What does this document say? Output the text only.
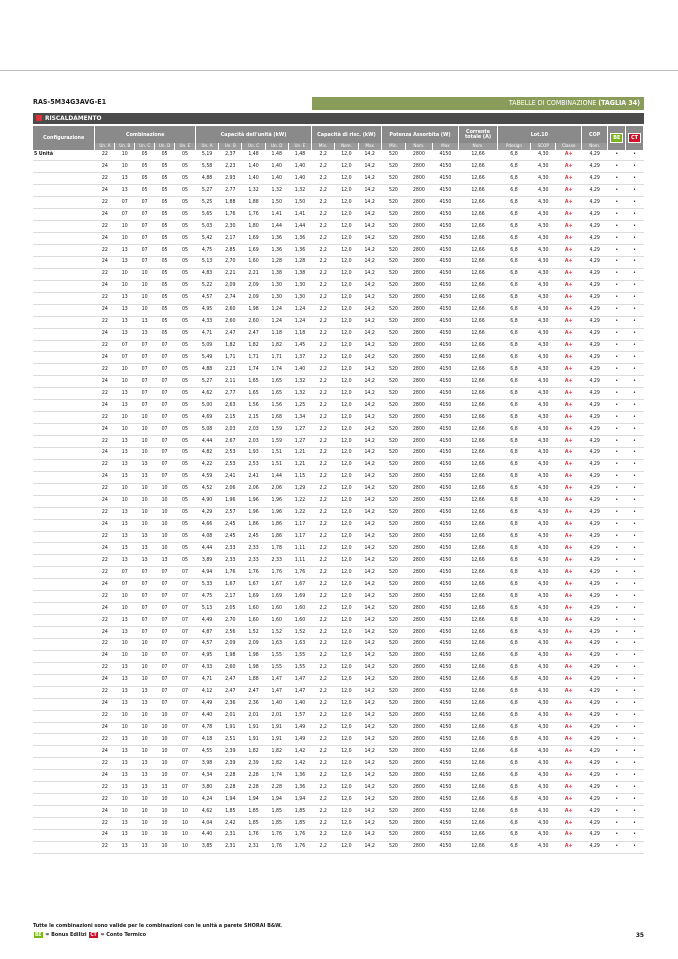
RAS-5M34G3AVG-E1	TABELLE DI COMBINAZIONE (TAGLIA 34)
RISCALDAMENTO
Configurazione	Combinazione					Capacità dell'unità (kW)					Capacità di risc. (kW)			Potenza Assorbita (W)			Corrente totale (A)	Lot.10			COP	BE	CT
	Un. A	Un. B	Un. C	Un. D	Un. E	Un. A	Un. B	Un. C	Un. D	Un. E	Min.	Nom.	Max	Min.	Nom.	Max	Nom.	Pdesign	SCOP	Classe	Nom.		
5 Unità	22	10	05	05	05	5,19	2,37	1,48	1,48	1,48	2,2	12,0	14,2	520	2800	4150	12,66	6,8	4,30	A+	4,29	•	•
	24	10	05	05	05	5,58	2,23	1,40	1,40	1,40	2,2	12,0	14,2	520	2800	4150	12,66	6,8	4,30	A+	4,29	•	•
	22	13	05	05	05	4,88	2,93	1,40	1,40	1,40	2,2	12,0	14,2	520	2800	4150	12,66	6,8	4,30	A+	4,29	•	•
	24	13	05	05	05	5,27	2,77	1,32	1,32	1,32	2,2	12,0	14,2	520	2800	4150	12,66	6,8	4,30	A+	4,29	•	•
	22	07	07	05	05	5,25	1,88	1,88	1,50	1,50	2,2	12,0	14,2	520	2800	4150	12,66	6,8	4,30	A+	4,29	•	•
	24	07	07	05	05	5,65	1,76	1,76	1,41	1,41	2,2	12,0	14,2	520	2800	4150	12,66	6,8	4,30	A+	4,29	•	•
	22	10	07	05	05	5,03	2,30	1,80	1,44	1,44	2,2	12,0	14,2	520	2800	4150	12,66	6,8	4,30	A+	4,29	•	•
	24	10	07	05	05	5,42	2,17	1,69	1,36	1,36	2,2	12,0	14,2	520	2800	4150	12,66	6,8	4,30	A+	4,29	•	•
	22	13	07	05	05	4,75	2,85	1,69	1,36	1,36	2,2	12,0	14,2	520	2800	4150	12,66	6,8	4,30	A+	4,29	•	•
	24	13	07	05	05	5,13	2,70	1,60	1,28	1,28	2,2	12,0	14,2	520	2800	4150	12,66	6,8	4,30	A+	4,29	•	•
	22	10	10	05	05	4,83	2,21	2,21	1,38	1,38	2,2	12,0	14,2	520	2800	4150	12,66	6,8	4,30	A+	4,29	•	•
	24	10	10	05	05	5,22	2,09	2,09	1,30	1,30	2,2	12,0	14,2	520	2800	4150	12,66	6,8	4,30	A+	4,29	•	•
	22	13	10	05	05	4,57	2,74	2,09	1,30	1,30	2,2	12,0	14,2	520	2800	4150	12,66	6,8	4,30	A+	4,29	•	•
	24	13	10	05	05	4,95	2,60	1,98	1,24	1,24	2,2	12,0	14,2	520	2800	4150	12,66	6,8	4,30	A+	4,29	•	•
	22	13	13	05	05	4,33	2,60	2,60	1,24	1,24	2,2	12,0	14,2	520	2800	4150	12,66	6,8	4,30	A+	4,29	•	•
	24	13	13	05	05	4,71	2,47	2,47	1,18	1,18	2,2	12,0	14,2	520	2800	4150	12,66	6,8	4,30	A+	4,29	•	•
	22	07	07	07	05	5,09	1,82	1,82	1,82	1,45	2,2	12,0	14,2	520	2800	4150	12,66	6,8	4,30	A+	4,29	•	•
	24	07	07	07	05	5,49	1,71	1,71	1,71	1,37	2,2	12,0	14,2	520	2800	4150	12,66	6,8	4,30	A+	4,29	•	•
	22	10	07	07	05	4,88	2,23	1,74	1,74	1,40	2,2	12,0	14,2	520	2800	4150	12,66	6,8	4,30	A+	4,29	•	•
	24	10	07	07	05	5,27	2,11	1,65	1,65	1,32	2,2	12,0	14,2	520	2800	4150	12,66	6,8	4,30	A+	4,29	•	•
	22	13	07	07	05	4,62	2,77	1,65	1,65	1,32	2,2	12,0	14,2	520	2800	4150	12,66	6,8	4,30	A+	4,29	•	•
	24	13	07	07	05	5,00	2,63	1,56	1,56	1,25	2,2	12,0	14,2	520	2800	4150	12,66	6,8	4,30	A+	4,29	•	•
	22	10	10	07	05	4,69	2,15	2,15	1,68	1,34	2,2	12,0	14,2	520	2800	4150	12,66	6,8	4,30	A+	4,29	•	•
	24	10	10	07	05	5,08	2,03	2,03	1,59	1,27	2,2	12,0	14,2	520	2800	4150	12,66	6,8	4,30	A+	4,29	•	•
	22	13	10	07	05	4,44	2,67	2,03	1,59	1,27	2,2	12,0	14,2	520	2800	4150	12,66	6,8	4,30	A+	4,29	•	•
	24	13	10	07	05	4,82	2,53	1,93	1,51	1,21	2,2	12,0	14,2	520	2800	4150	12,66	6,8	4,30	A+	4,29	•	•
	22	13	13	07	05	4,22	2,53	2,53	1,51	1,21	2,2	12,0	14,2	520	2800	4150	12,66	6,8	4,30	A+	4,29	•	•
	24	13	13	07	05	4,59	2,41	2,41	1,44	1,15	2,2	12,0	14,2	520	2800	4150	12,66	6,8	4,30	A+	4,29	•	•
	22	10	10	10	05	4,52	2,06	2,06	2,06	1,29	2,2	12,0	14,2	520	2800	4150	12,66	6,8	4,30	A+	4,29	•	•
	24	10	10	10	05	4,90	1,96	1,96	1,96	1,22	2,2	12,0	14,2	520	2800	4150	12,66	6,8	4,30	A+	4,29	•	•
	22	13	10	10	05	4,29	2,57	1,96	1,96	1,22	2,2	12,0	14,2	520	2800	4150	12,66	6,8	4,30	A+	4,29	•	•
	24	13	10	10	05	4,66	2,45	1,86	1,86	1,17	2,2	12,0	14,2	520	2800	4150	12,66	6,8	4,30	A+	4,29	•	•
	22	13	13	10	05	4,08	2,45	2,45	1,86	1,17	2,2	12,0	14,2	520	2800	4150	12,66	6,8	4,30	A+	4,29	•	•
	24	13	13	10	05	4,44	2,33	2,33	1,78	1,11	2,2	12,0	14,2	520	2800	4150	12,66	6,8	4,30	A+	4,29	•	•
	22	13	13	13	05	3,89	2,33	2,33	2,33	1,11	2,2	12,0	14,2	520	2800	4150	12,66	6,8	4,30	A+	4,29	•	•
	22	07	07	07	07	4,94	1,76	1,76	1,76	1,76	2,2	12,0	14,2	520	2800	4150	12,66	6,8	4,30	A+	4,29	•	•
	24	07	07	07	07	5,33	1,67	1,67	1,67	1,67	2,2	12,0	14,2	520	2800	4150	12,66	6,8	4,30	A+	4,29	•	•
	22	10	07	07	07	4,75	2,17	1,69	1,69	1,69	2,2	12,0	14,2	520	2800	4150	12,66	6,8	4,30	A+	4,29	•	•
	24	10	07	07	07	5,13	2,05	1,60	1,60	1,60	2,2	12,0	14,2	520	2800	4150	12,66	6,8	4,30	A+	4,29	•	•
	22	13	07	07	07	4,49	2,70	1,60	1,60	1,60	2,2	12,0	14,2	520	2800	4150	12,66	6,8	4,30	A+	4,29	•	•
	24	13	07	07	07	4,87	2,56	1,52	1,52	1,52	2,2	12,0	14,2	520	2800	4150	12,66	6,8	4,30	A+	4,29	•	•
	22	10	10	07	07	4,57	2,09	2,09	1,63	1,63	2,2	12,0	14,2	520	2800	4150	12,66	6,8	4,30	A+	4,29	•	•
	24	10	10	07	07	4,95	1,98	1,98	1,55	1,55	2,2	12,0	14,2	520	2800	4150	12,66	6,8	4,30	A+	4,29	•	•
	22	13	10	07	07	4,33	2,60	1,98	1,55	1,55	2,2	12,0	14,2	520	2800	4150	12,66	6,8	4,30	A+	4,29	•	•
	24	13	10	07	07	4,71	2,47	1,88	1,47	1,47	2,2	12,0	14,2	520	2800	4150	12,66	6,8	4,30	A+	4,29	•	•
	22	13	13	07	07	4,12	2,47	2,47	1,47	1,47	2,2	12,0	14,2	520	2800	4150	12,66	6,8	4,30	A+	4,29	•	•
	24	13	13	07	07	4,49	2,36	2,36	1,40	1,40	2,2	12,0	14,2	520	2800	4150	12,66	6,8	4,30	A+	4,29	•	•
	22	10	10	10	07	4,40	2,01	2,01	2,01	1,57	2,2	12,0	14,2	520	2800	4150	12,66	6,8	4,30	A+	4,29	•	•
	24	10	10	10	07	4,78	1,91	1,91	1,91	1,49	2,2	12,0	14,2	520	2800	4150	12,66	6,8	4,30	A+	4,29	•	•
	22	13	10	10	07	4,18	2,51	1,91	1,91	1,49	2,2	12,0	14,2	520	2800	4150	12,66	6,8	4,30	A+	4,29	•	•
	24	13	10	10	07	4,55	2,39	1,82	1,82	1,42	2,2	12,0	14,2	520	2800	4150	12,66	6,8	4,30	A+	4,29	•	•
	22	13	13	10	07	3,98	2,39	2,39	1,82	1,42	2,2	12,0	14,2	520	2800	4150	12,66	6,8	4,30	A+	4,29	•	•
	24	13	13	10	07	4,34	2,28	2,28	1,74	1,36	2,2	12,0	14,2	520	2800	4150	12,66	6,8	4,30	A+	4,29	•	•
	22	13	13	13	07	3,80	2,28	2,28	2,28	1,36	2,2	12,0	14,2	520	2800	4150	12,66	6,8	4,30	A+	4,29	•	•
	22	10	10	10	10	4,24	1,94	1,94	1,94	1,94	2,2	12,0	14,2	520	2800	4150	12,66	6,8	4,30	A+	4,29	•	•
	24	10	10	10	10	4,62	1,85	1,85	1,85	1,85	2,2	12,0	14,2	520	2800	4150	12,66	6,8	4,30	A+	4,29	•	•
	22	13	10	10	10	4,04	2,42	1,85	1,85	1,85	2,2	12,0	14,2	520	2800	4150	12,66	6,8	4,30	A+	4,29	•	•
	24	13	10	10	10	4,40	2,31	1,76	1,76	1,76	2,2	12,0	14,2	520	2800	4150	12,66	6,8	4,30	A+	4,29	•	•
	22	13	13	10	10	3,85	2,31	2,31	1,76	1,76	2,2	12,0	14,2	520	2800	4150	12,66	6,8	4,30	A+	4,29	•	•
Tutte le combinazioni sono valide per le combinazioni con le unità a parete SHORAI B&W.
BE = Bonus Edilizi CT = Conto Termico	35
